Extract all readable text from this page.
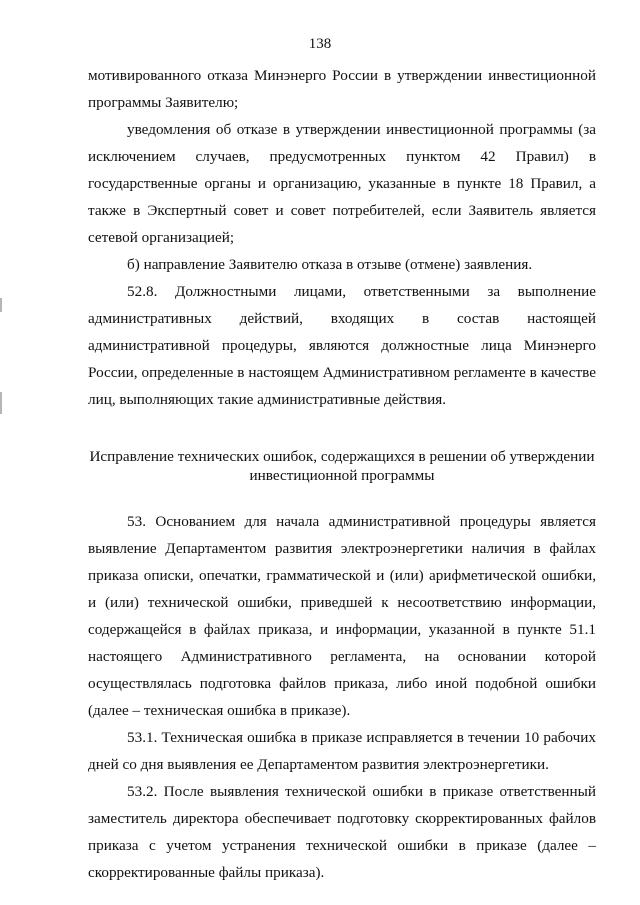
138

мотивированного отказа Минэнерго России в утверждении инвестиционной программы Заявителю;

уведомления об отказе в утверждении инвестиционной программы (за исключением случаев, предусмотренных пунктом 42 Правил) в государственные органы и организацию, указанные в пункте 18 Правил, а также в Экспертный совет и совет потребителей, если Заявитель является сетевой организацией;

б) направление Заявителю отказа в отзыве (отмене) заявления.

52.8. Должностными лицами, ответственными за выполнение административных действий, входящих в состав настоящей административной процедуры, являются должностные лица Минэнерго России, определенные в настоящем Административном регламенте в качестве лиц, выполняющих такие административные действия.

Исправление технических ошибок, содержащихся в решении об утверждении

инвестиционной программы

53. Основанием для начала административной процедуры является выявление Департаментом развития электроэнергетики наличия в файлах приказа описки, опечатки, грамматической и (или) арифметической ошибки, и (или) технической ошибки, приведшей к несоответствию информации, содержащейся в файлах приказа, и информации, указанной в пункте 51.1 настоящего Административного регламента, на основании которой осуществлялась подготовка файлов приказа, либо иной подобной ошибки (далее – техническая ошибка в приказе).

53.1. Техническая ошибка в приказе исправляется в течении 10 рабочих дней со дня выявления ее Департаментом развития электроэнергетики.

53.2. После выявления технической ошибки в приказе ответственный заместитель директора обеспечивает подготовку скорректированных файлов приказа с учетом устранения технической ошибки в приказе (далее – скорректированные файлы приказа).
